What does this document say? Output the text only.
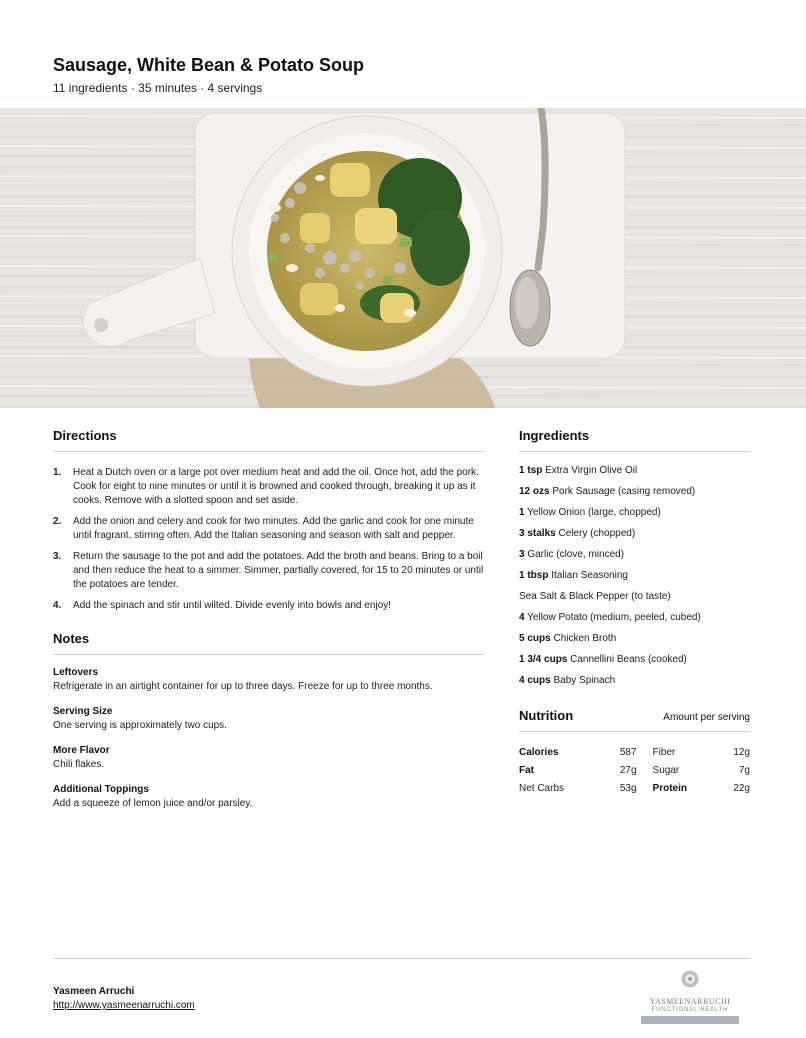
Sausage, White Bean & Potato Soup
11 ingredients · 35 minutes · 4 servings
Directions
1.	Heat a Dutch oven or a large pot over medium heat and add the oil. Once hot, add the pork. Cook for eight to nine minutes or until it is browned and cooked through, breaking it up as it cooks. Remove with a slotted spoon and set aside.
2.	Add the onion and celery and cook for two minutes. Add the garlic and cook for one minute until fragrant, stirring often. Add the Italian seasoning and season with salt and pepper.
3.	Return the sausage to the pot and add the potatoes. Add the broth and beans. Bring to a boil and then reduce the heat to a simmer. Simmer, partially covered, for 15 to 20 minutes or until the potatoes are tender.
4.	Add the spinach and stir until wilted. Divide evenly into bowls and enjoy!
Notes
Leftovers
Refrigerate in an airtight container for up to three days. Freeze for up to three months.
Serving Size
One serving is approximately two cups.
More Flavor
Chili flakes.
Additional Toppings
Add a squeeze of lemon juice and/or parsley.
Ingredients
1 tsp Extra Virgin Olive Oil
12 ozs Pork Sausage (casing removed)
1 Yellow Onion (large, chopped)
3 stalks Celery (chopped)
3 Garlic (clove, minced)
1 tbsp Italian Seasoning
Sea Salt & Black Pepper (to taste)
4 Yellow Potato (medium, peeled, cubed)
5 cups Chicken Broth
1 3/4 cups Cannellini Beans (cooked)
4 cups Baby Spinach
Nutrition	Amount per serving
Calories	587		Fiber	12g
Fat	27g		Sugar	7g
Net Carbs	53g		Protein	22g
Yasmeen Arruchi
http://www.yasmeenarruchi.com	YASMEENARRUCHI
FUNCTIONAL HEALTH
